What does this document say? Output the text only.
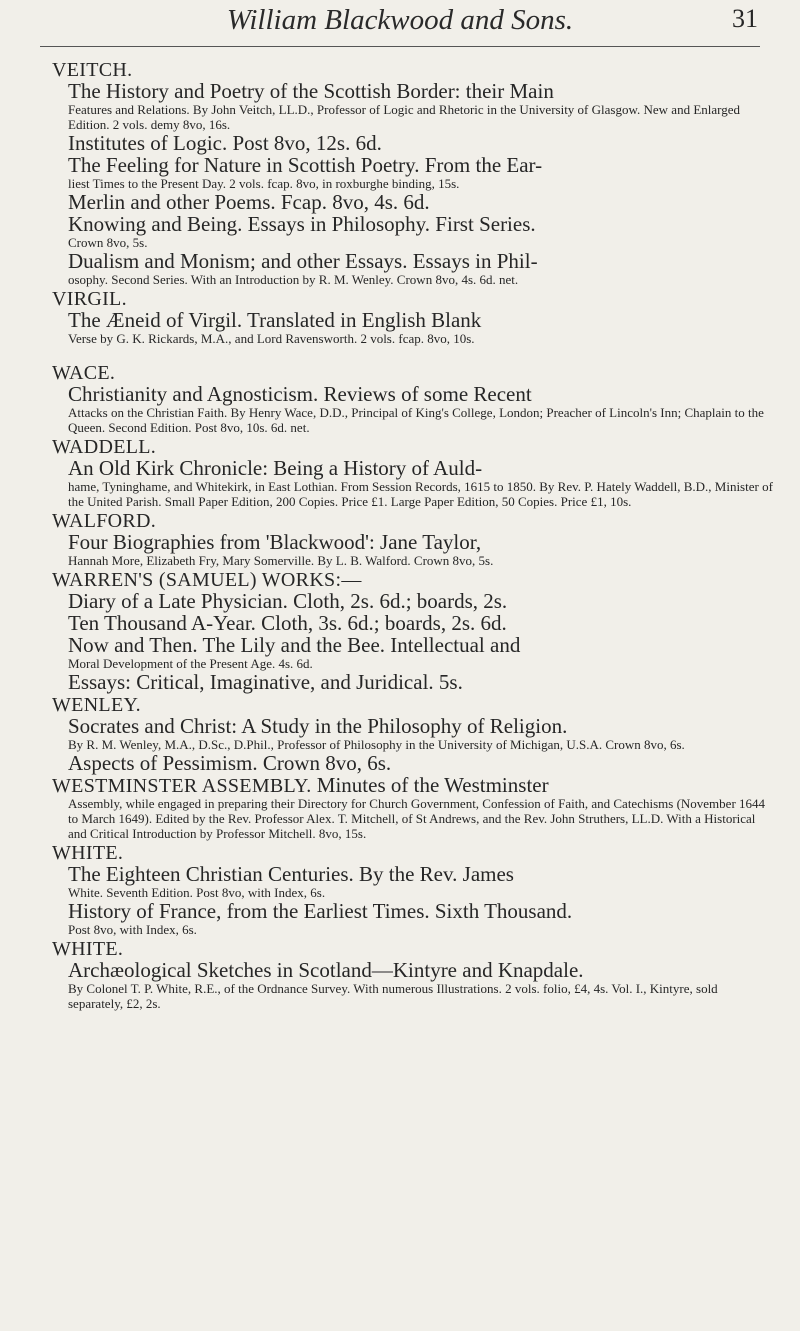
William Blackwood and Sons.	31
VEITCH.
The History and Poetry of the Scottish Border: their Main
Features and Relations. By John Veitch, LL.D., Professor of Logic and Rhetoric in the University of Glasgow. New and Enlarged Edition. 2 vols. demy 8vo, 16s.
Institutes of Logic. Post 8vo, 12s. 6d.
The Feeling for Nature in Scottish Poetry. From the Ear-
liest Times to the Present Day. 2 vols. fcap. 8vo, in roxburghe binding, 15s.
Merlin and other Poems. Fcap. 8vo, 4s. 6d.
Knowing and Being. Essays in Philosophy. First Series.
Crown 8vo, 5s.
Dualism and Monism; and other Essays. Essays in Phil-
osophy. Second Series. With an Introduction by R. M. Wenley. Crown 8vo, 4s. 6d. net.
VIRGIL.
The Æneid of Virgil. Translated in English Blank
Verse by G. K. Rickards, M.A., and Lord Ravensworth. 2 vols. fcap. 8vo, 10s.
WACE.
Christianity and Agnosticism. Reviews of some Recent
Attacks on the Christian Faith. By Henry Wace, D.D., Principal of King's College, London; Preacher of Lincoln's Inn; Chaplain to the Queen. Second Edition. Post 8vo, 10s. 6d. net.
WADDELL.
An Old Kirk Chronicle: Being a History of Auld-
hame, Tyninghame, and Whitekirk, in East Lothian. From Session Records, 1615 to 1850. By Rev. P. Hately Waddell, B.D., Minister of the United Parish. Small Paper Edition, 200 Copies. Price £1. Large Paper Edition, 50 Copies. Price £1, 10s.
WALFORD.
Four Biographies from 'Blackwood': Jane Taylor,
Hannah More, Elizabeth Fry, Mary Somerville. By L. B. Walford. Crown 8vo, 5s.
WARREN'S (SAMUEL) WORKS:—
Diary of a Late Physician. Cloth, 2s. 6d.; boards, 2s.
Ten Thousand A-Year. Cloth, 3s. 6d.; boards, 2s. 6d.
Now and Then. The Lily and the Bee. Intellectual and
Moral Development of the Present Age. 4s. 6d.
Essays: Critical, Imaginative, and Juridical. 5s.
WENLEY.
Socrates and Christ: A Study in the Philosophy of Religion.
By R. M. Wenley, M.A., D.Sc., D.Phil., Professor of Philosophy in the University of Michigan, U.S.A. Crown 8vo, 6s.
Aspects of Pessimism. Crown 8vo, 6s.
WESTMINSTER ASSEMBLY. Minutes of the Westminster
Assembly, while engaged in preparing their Directory for Church Government, Confession of Faith, and Catechisms (November 1644 to March 1649). Edited by the Rev. Professor Alex. T. Mitchell, of St Andrews, and the Rev. John Struthers, LL.D. With a Historical and Critical Introduction by Professor Mitchell. 8vo, 15s.
WHITE.
The Eighteen Christian Centuries. By the Rev. James
White. Seventh Edition. Post 8vo, with Index, 6s.
History of France, from the Earliest Times. Sixth Thousand.
Post 8vo, with Index, 6s.
WHITE.
Archæological Sketches in Scotland—Kintyre and Knapdale.
By Colonel T. P. White, R.E., of the Ordnance Survey. With numerous Illustrations. 2 vols. folio, £4, 4s. Vol. I., Kintyre, sold separately, £2, 2s.
